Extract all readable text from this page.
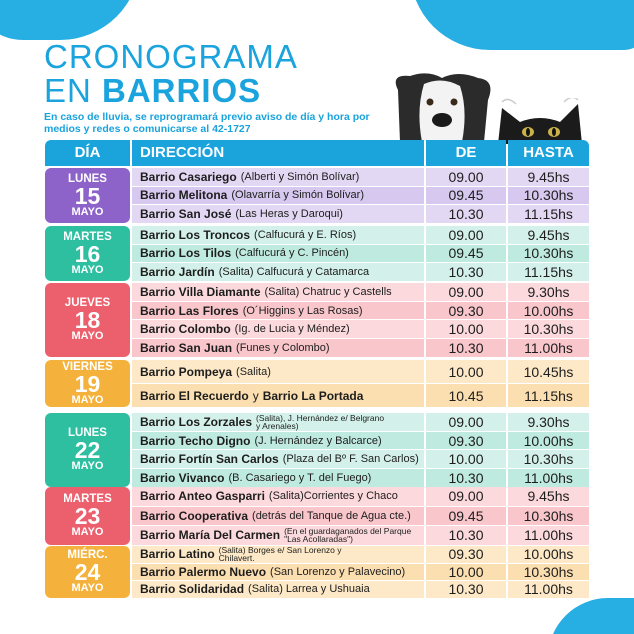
CRONOGRAMA
EN BARRIOS
En caso de lluvia, se reprogramará previo aviso de día y hora por medios y redes o comunicarse al 42-1727
DÍA	DIRECCIÓN	DE	HASTA
LUNES
15
MAYO
Barrio Casariego (Alberti y Simón Bolívar)	09.00	9.45hs
Barrio Melitona (Olavarría y Simón Bolívar)	09.45	10.30hs
Barrio San José (Las Heras y Daroqui)	10.30	11.15hs
MARTES
16
MAYO
Barrio Los Troncos (Calfucurá y E. Ríos)	09.00	9.45hs
Barrio Los Tilos (Calfucurá y C. Pincén)	09.45	10.30hs
Barrio Jardín (Salita) Calfucurá y Catamarca	10.30	11.15hs
JUEVES
18
MAYO
Barrio Villa Diamante (Salita) Chatruc y Castells	09.00	9.30hs
Barrio Las Flores (O´Higgins y Las Rosas)	09.30	10.00hs
Barrio Colombo (Ig. de Lucia y Méndez)	10.00	10.30hs
Barrio San Juan (Funes y Colombo)	10.30	11.00hs
VIERNES
19
MAYO
Barrio Pompeya (Salita)	10.00	10.45hs
Barrio El Recuerdo y Barrio La Portada	10.45	11.15hs
LUNES
22
MAYO
Barrio Los Zorzales (Salita), J. Hernández e/ Belgrano y Arenales)	09.00	9.30hs
Barrio Techo Digno (J. Hernández y Balcarce)	09.30	10.00hs
Barrio Fortín San Carlos (Plaza del Bº F. San Carlos)	10.00	10.30hs
Barrio Vivanco (B. Casariego y T. del Fuego)	10.30	11.00hs
MARTES
23
MAYO
Barrio Anteo Gasparri (Salita)Corrientes y Chaco	09.00	9.45hs
Barrio Cooperativa (detrás del Tanque de Agua cte.)	09.45	10.30hs
Barrio María Del Carmen (En el guardaganados del Parque "Las Acollaradas")	10.30	11.00hs
MIÉRC.
24
MAYO
Barrio Latino (Salita) Borges e/ San Lorenzo y Chilavert.	09.30	10.00hs
Barrio Palermo Nuevo (San Lorenzo y Palavecino)	10.00	10.30hs
Barrio Solidaridad (Salita) Larrea y Ushuaia	10.30	11.00hs
